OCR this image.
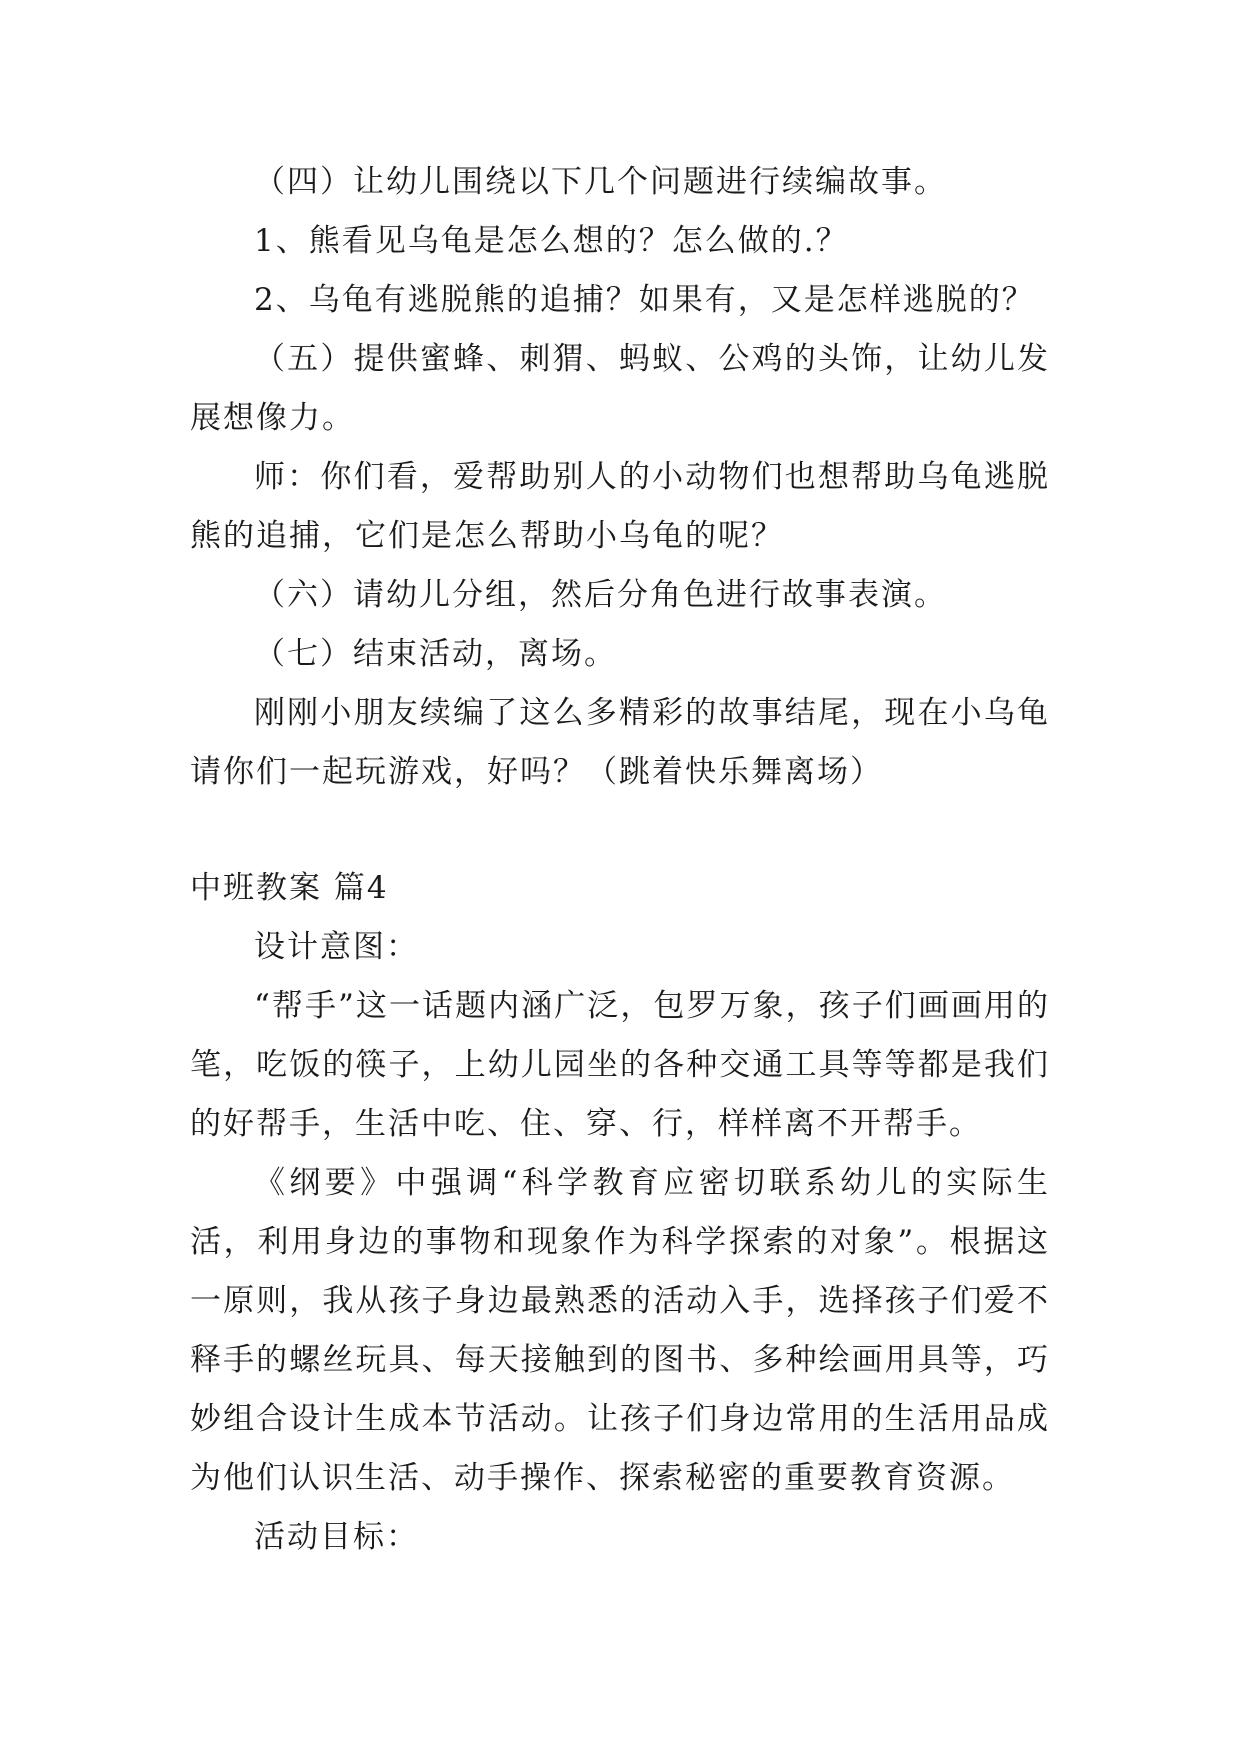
（四）让幼儿围绕以下几个问题进行续编故事。

1、熊看见乌龟是怎么想的？怎么做的.？

2、乌龟有逃脱熊的追捕？如果有，又是怎样逃脱的？

（五）提供蜜蜂、刺猬、蚂蚁、公鸡的头饰，让幼儿发展想像力。

师：你们看，爱帮助别人的小动物们也想帮助乌龟逃脱熊的追捕，它们是怎么帮助小乌龟的呢？

（六）请幼儿分组，然后分角色进行故事表演。

（七）结束活动，离场。

刚刚小朋友续编了这么多精彩的故事结尾，现在小乌龟请你们一起玩游戏，好吗？（跳着快乐舞离场）

中班教案 篇4

设计意图：

“帮手”这一话题内涵广泛，包罗万象，孩子们画画用的笔，吃饭的筷子，上幼儿园坐的各种交通工具等等都是我们的好帮手，生活中吃、住、穿、行，样样离不开帮手。

《纲要》中强调“科学教育应密切联系幼儿的实际生活，利用身边的事物和现象作为科学探索的对象”。根据这一原则，我从孩子身边最熟悉的活动入手，选择孩子们爱不释手的螺丝玩具、每天接触到的图书、多种绘画用具等，巧妙组合设计生成本节活动。让孩子们身边常用的生活用品成为他们认识生活、动手操作、探索秘密的重要教育资源。

活动目标：
